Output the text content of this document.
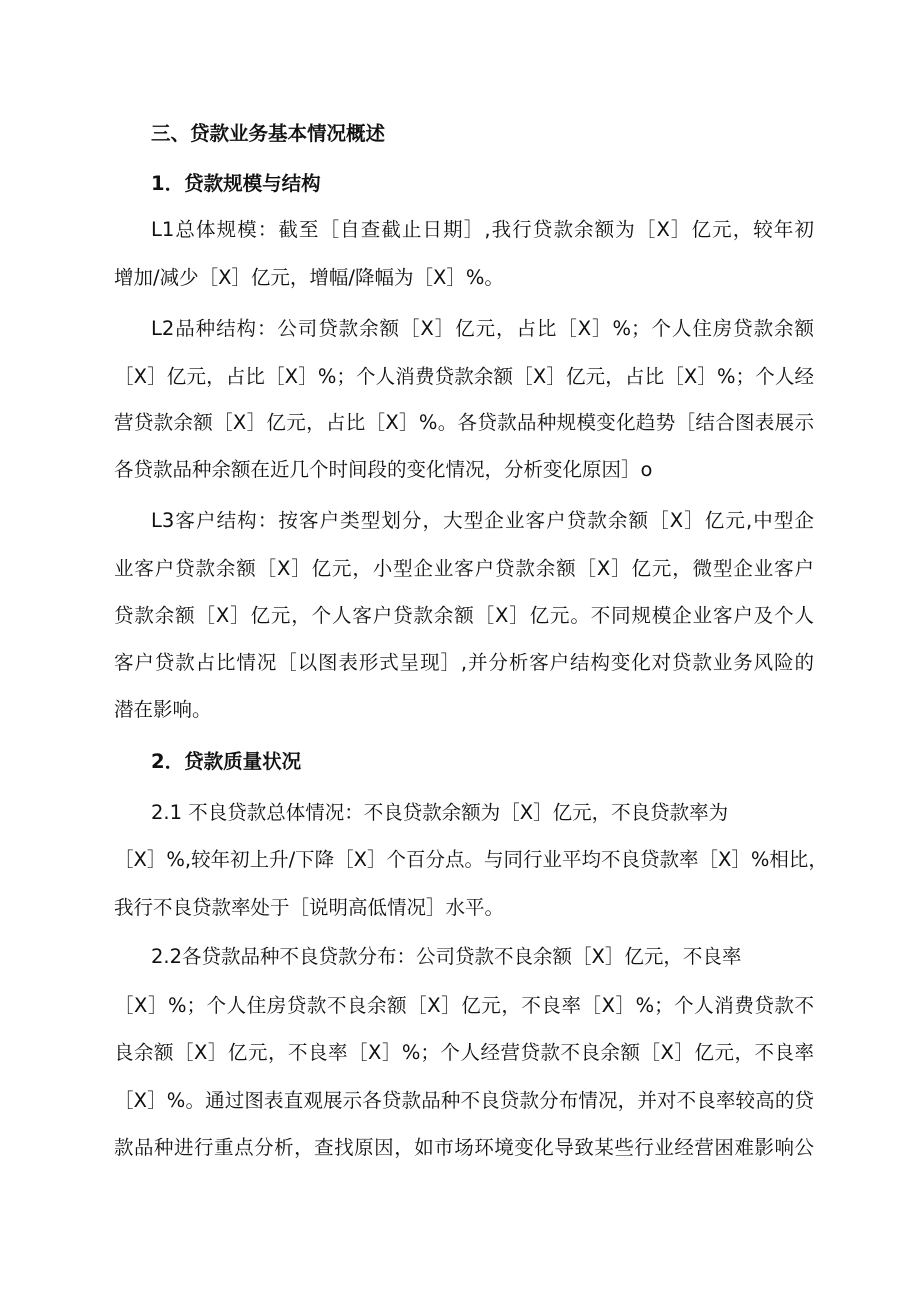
三、贷款业务基本情况概述
1．贷款规模与结构
L1总体规模：截至［自查截止日期］,我行贷款余额为［X］亿元，较年初
增加/减少［X］亿元，增幅/降幅为［X］%。
L2品种结构：公司贷款余额［X］亿元，占比［X］%；个人住房贷款余额
［X］亿元，占比［X］%；个人消费贷款余额［X］亿元，占比［X］%；个人经
营贷款余额［X］亿元，占比［X］%。各贷款品种规模变化趋势［结合图表展示
各贷款品种余额在近几个时间段的变化情况，分析变化原因］o
L3客户结构：按客户类型划分，大型企业客户贷款余额［X］亿元,中型企
业客户贷款余额［X］亿元，小型企业客户贷款余额［X］亿元，微型企业客户
贷款余额［X］亿元，个人客户贷款余额［X］亿元。不同规模企业客户及个人
客户贷款占比情况［以图表形式呈现］,并分析客户结构变化对贷款业务风险的
潜在影响。
2．贷款质量状况
2.1 不良贷款总体情况：不良贷款余额为［X］亿元，不良贷款率为
［X］%,较年初上升/下降［X］个百分点。与同行业平均不良贷款率［X］%相比，
我行不良贷款率处于［说明高低情况］水平。
2.2各贷款品种不良贷款分布：公司贷款不良余额［X］亿元，不良率
［X］%；个人住房贷款不良余额［X］亿元，不良率［X］%；个人消费贷款不
良余额［X］亿元，不良率［X］%；个人经营贷款不良余额［X］亿元，不良率
［X］%。通过图表直观展示各贷款品种不良贷款分布情况，并对不良率较高的贷
款品种进行重点分析，查找原因，如市场环境变化导致某些行业经营困难影响公
